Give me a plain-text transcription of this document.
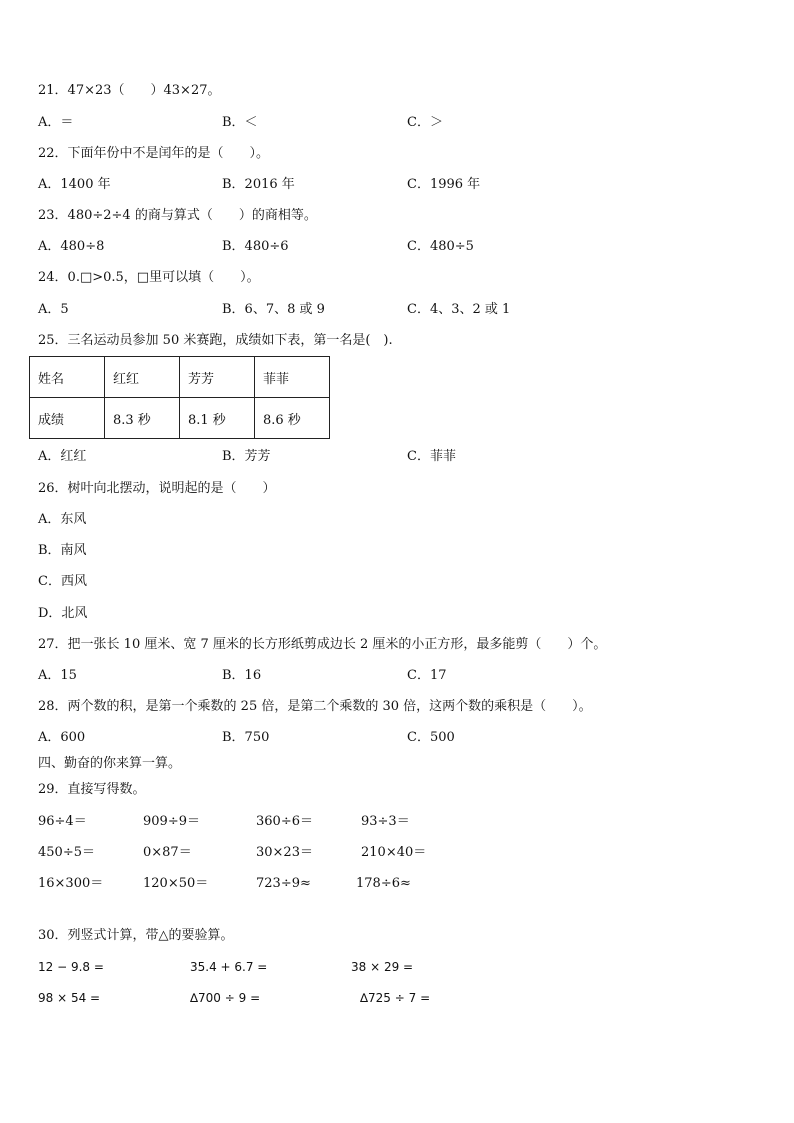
21．47×23（　　）43×27。
A．＝	B．＜	C．＞
22．下面年份中不是闰年的是（　　）。
A．1400 年	B．2016 年	C．1996 年
23．480÷2÷4 的商与算式（　　）的商相等。
A．480÷8	B．480÷6	C．480÷5
24．0.□>0.5，□里可以填（　　）。
A．5	B．6、7、8 或 9	C．4、3、2 或 1
25．三名运动员参加 50 米赛跑，成绩如下表，第一名是(　).
姓名	红红	芳芳	菲菲
成绩	8.3 秒	8.1 秒	8.6 秒
A．红红	B．芳芳	C．菲菲
26．树叶向北摆动，说明起的是（　　）
A．东风
B．南风
C．西风
D．北风
27．把一张长 10 厘米、宽 7 厘米的长方形纸剪成边长 2 厘米的小正方形，最多能剪（　　）个。
A．15	B．16	C．17
28．两个数的积，是第一个乘数的 25 倍，是第二个乘数的 30 倍，这两个数的乘积是（　　）。
A．600	B．750	C．500
四、勤奋的你来算一算。
29．直接写得数。
96÷4＝	909÷9＝	360÷6＝	93÷3＝
450÷5＝	0×87＝	30×23＝	210×40＝
16×300＝	120×50＝	723÷9≈	178÷6≈
30．列竖式计算，带△的要验算。
12 − 9.8 =	35.4 + 6.7 =	38 × 29 =
98 × 54 =	∆700 ÷ 9 =	∆725 ÷ 7 =
